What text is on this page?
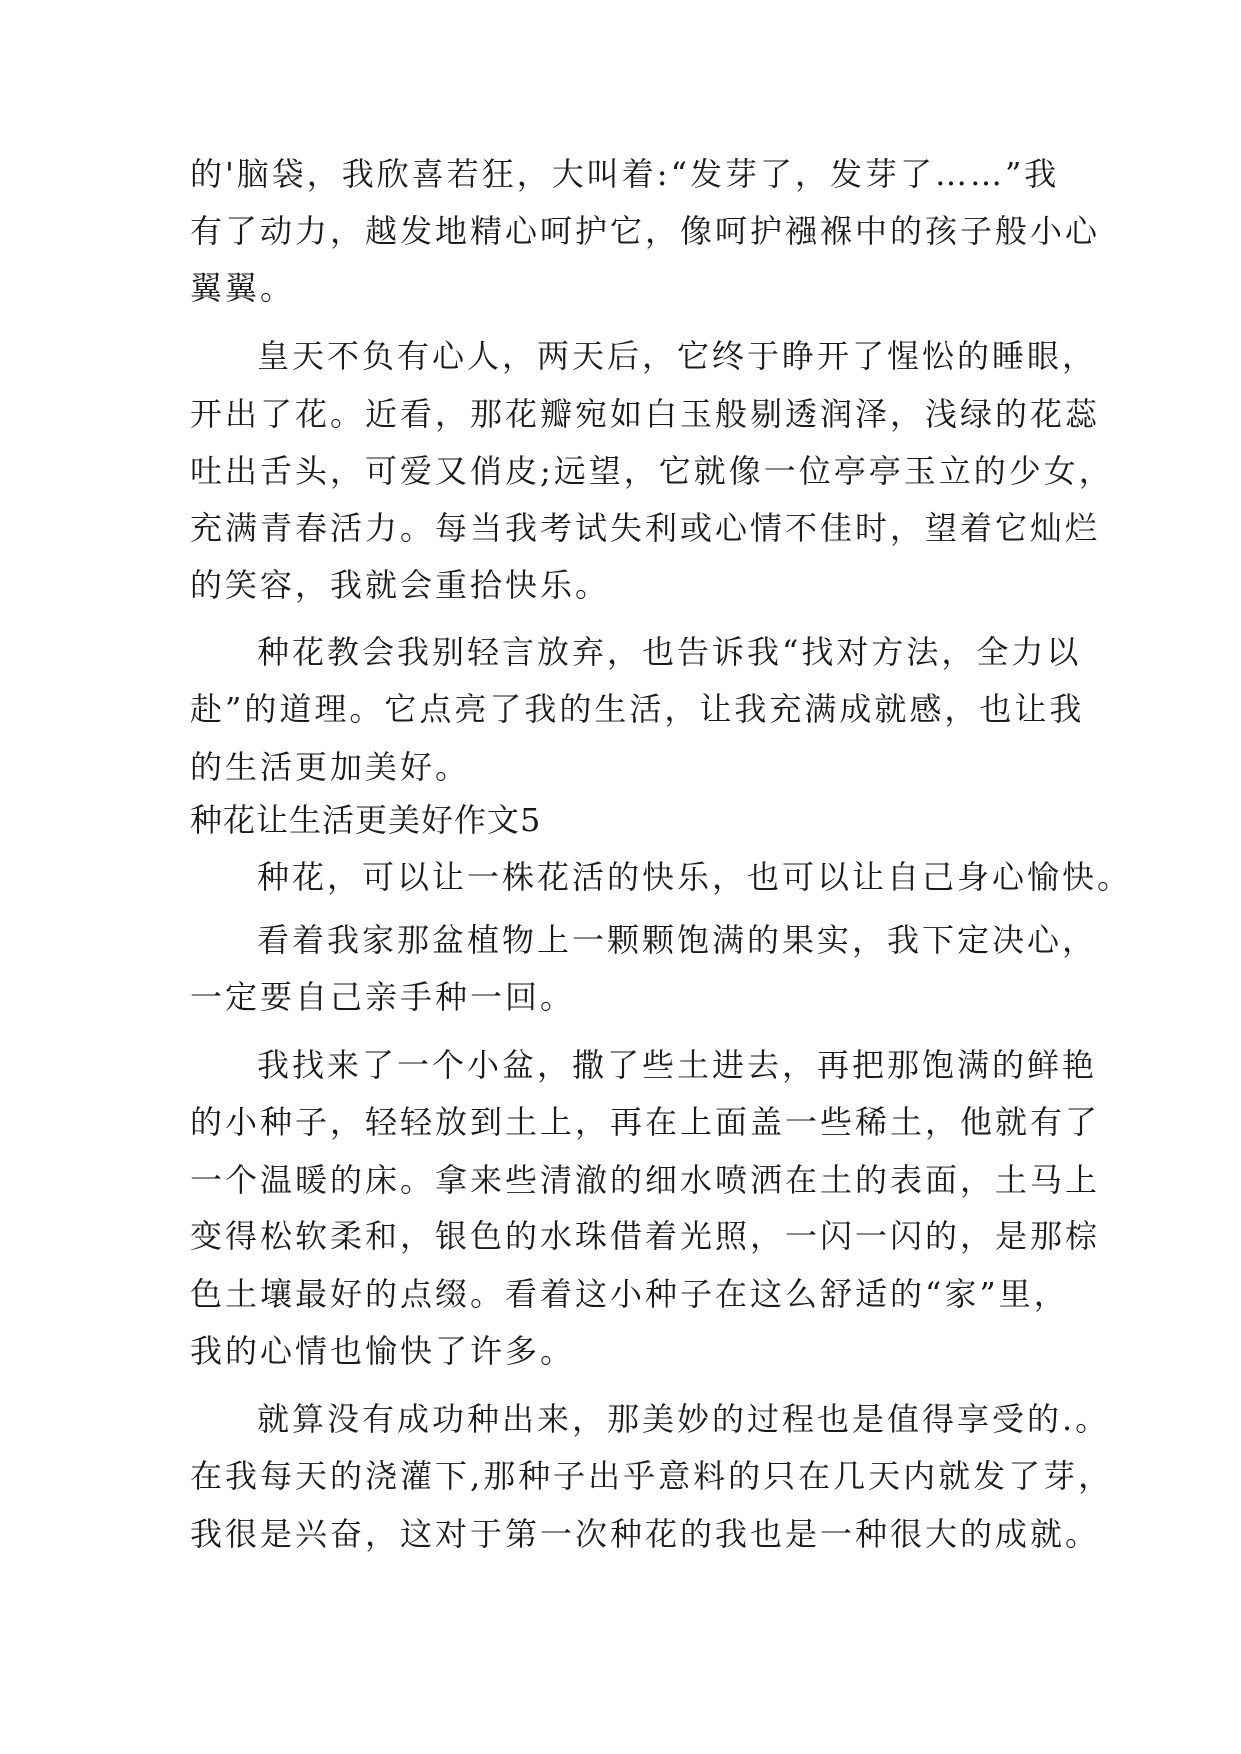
的'脑袋，我欣喜若狂，大叫着:“发芽了，发芽了……”我
有了动力，越发地精心呵护它，像呵护襁褓中的孩子般小心
翼翼。
皇天不负有心人，两天后，它终于睁开了惺忪的睡眼，
开出了花。近看，那花瓣宛如白玉般剔透润泽，浅绿的花蕊
吐出舌头，可爱又俏皮;远望，它就像一位亭亭玉立的少女，
充满青春活力。每当我考试失利或心情不佳时，望着它灿烂
的笑容，我就会重拾快乐。
种花教会我别轻言放弃，也告诉我“找对方法，全力以
赴”的道理。它点亮了我的生活，让我充满成就感，也让我
的生活更加美好。
种花让生活更美好作文5
种花，可以让一株花活的快乐，也可以让自己身心愉快。
看着我家那盆植物上一颗颗饱满的果实，我下定决心，
一定要自己亲手种一回。
我找来了一个小盆，撒了些土进去，再把那饱满的鲜艳
的小种子，轻轻放到土上，再在上面盖一些稀土，他就有了
一个温暖的床。拿来些清澈的细水喷洒在土的表面，土马上
变得松软柔和，银色的水珠借着光照，一闪一闪的，是那棕
色土壤最好的点缀。看着这小种子在这么舒适的“家”里，
我的心情也愉快了许多。
就算没有成功种出来，那美妙的过程也是值得享受的.。
在我每天的浇灌下,那种子出乎意料的只在几天内就发了芽，
我很是兴奋，这对于第一次种花的我也是一种很大的成就。
